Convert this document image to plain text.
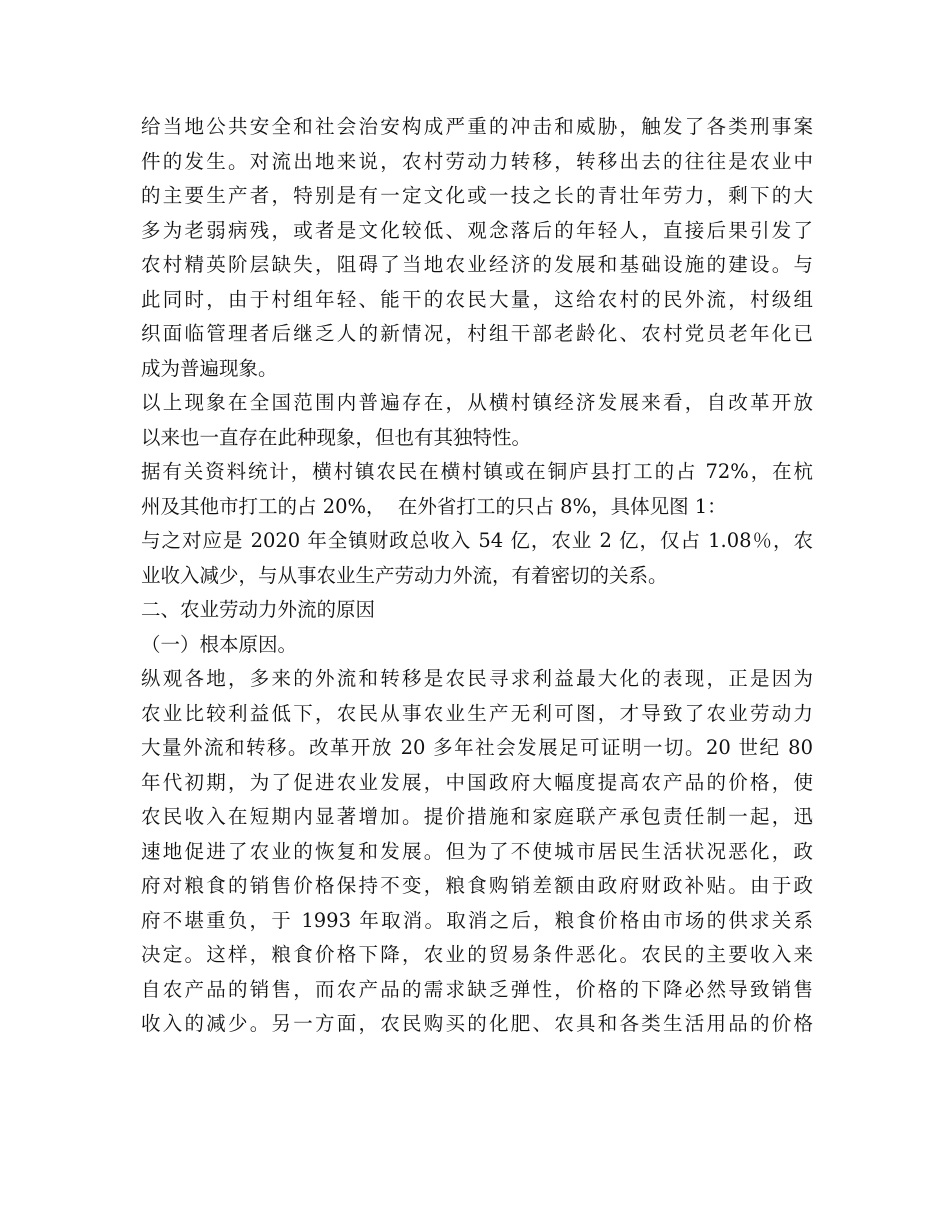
给当地公共安全和社会治安构成严重的冲击和威胁，触发了各类刑事案
件的发生。对流出地来说，农村劳动力转移，转移出去的往往是农业中
的主要生产者，特别是有一定文化或一技之长的青壮年劳力，剩下的大
多为老弱病残，或者是文化较低、观念落后的年轻人，直接后果引发了
农村精英阶层缺失，阻碍了当地农业经济的发展和基础设施的建设。与
此同时，由于村组年轻、能干的农民大量，这给农村的民外流，村级组
织面临管理者后继乏人的新情况，村组干部老龄化、农村党员老年化已
成为普遍现象。
以上现象在全国范围内普遍存在，从横村镇经济发展来看，自改革开放
以来也一直存在此种现象，但也有其独特性。
据有关资料统计，横村镇农民在横村镇或在铜庐县打工的占 72%，在杭
州及其他市打工的占 20%，  在外省打工的只占 8%，具体见图 1：
与之对应是 2020 年全镇财政总收入 54 亿，农业 2 亿，仅占 1.08％，农
业收入减少，与从事农业生产劳动力外流，有着密切的关系。
二、农业劳动力外流的原因
（一）根本原因。
纵观各地，多来的外流和转移是农民寻求利益最大化的表现，正是因为
农业比较利益低下，农民从事农业生产无利可图，才导致了农业劳动力
大量外流和转移。改革开放 20 多年社会发展足可证明一切。20 世纪 80
年代初期，为了促进农业发展，中国政府大幅度提高农产品的价格，使
农民收入在短期内显著增加。提价措施和家庭联产承包责任制一起，迅
速地促进了农业的恢复和发展。但为了不使城市居民生活状况恶化，政
府对粮食的销售价格保持不变，粮食购销差额由政府财政补贴。由于政
府不堪重负，于 1993 年取消。取消之后，粮食价格由市场的供求关系
决定。这样，粮食价格下降，农业的贸易条件恶化。农民的主要收入来
自农产品的销售，而农产品的需求缺乏弹性，价格的下降必然导致销售
收入的减少。另一方面，农民购买的化肥、农具和各类生活用品的价格
